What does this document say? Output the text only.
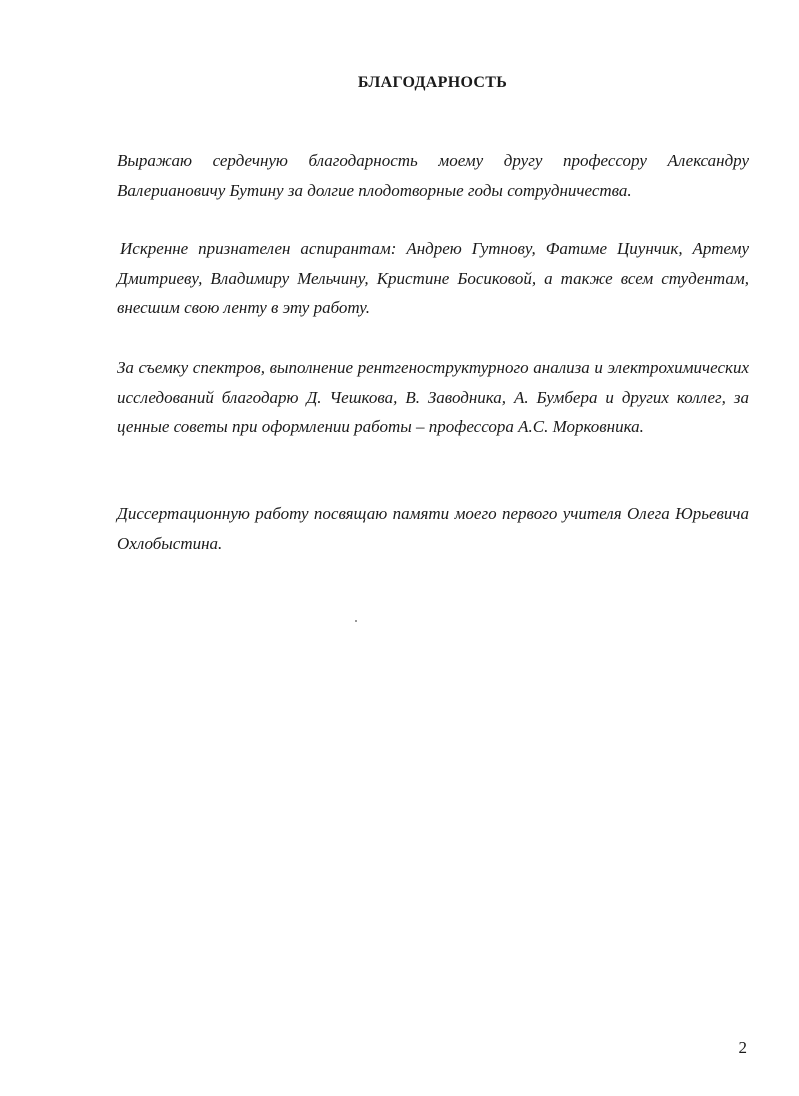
БЛАГОДАРНОСТЬ

Выражаю сердечную благодарность моему другу профессору Александру Валериановичу Бутину за долгие плодотворные годы сотрудничества.

Искренне признателен аспирантам: Андрею Гутнову, Фатиме Циунчик, Артему Дмитриеву, Владимиру Мельчину, Кристине Босиковой, а также всем студентам, внесшим свою ленту в эту работу.

За съемку спектров, выполнение рентгеноструктурного анализа и электрохимических исследований благодарю Д. Чешкова, В. Заводника, А. Бумбера и других коллег, за ценные советы при оформлении работы – профессора А.С. Морковника.

Диссертационную работу посвящаю памяти моего первого учителя Олега Юрьевича Охлобыстина.

2
